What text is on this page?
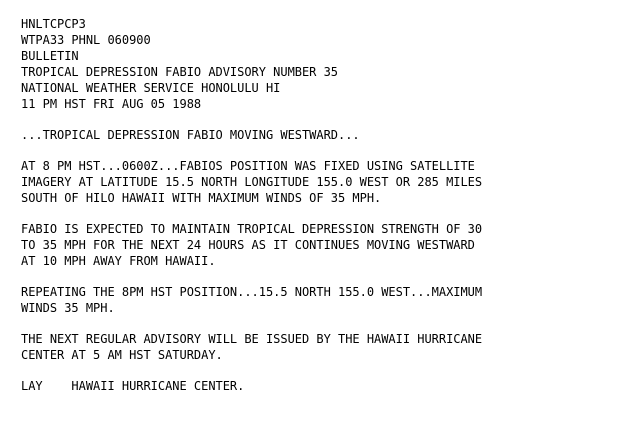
HNLTCPCP3
WTPA33 PHNL 060900
BULLETIN
TROPICAL DEPRESSION FABIO ADVISORY NUMBER 35
NATIONAL WEATHER SERVICE HONOLULU HI
11 PM HST FRI AUG 05 1988
...TROPICAL DEPRESSION FABIO MOVING WESTWARD...
AT 8 PM HST...0600Z...FABIOS POSITION WAS FIXED USING SATELLITE
IMAGERY AT LATITUDE 15.5 NORTH LONGITUDE 155.0 WEST OR 285 MILES
SOUTH OF HILO HAWAII WITH MAXIMUM WINDS OF 35 MPH.
FABIO IS EXPECTED TO MAINTAIN TROPICAL DEPRESSION STRENGTH OF 30
TO 35 MPH FOR THE NEXT 24 HOURS AS IT CONTINUES MOVING WESTWARD
AT 10 MPH AWAY FROM HAWAII.
REPEATING THE 8PM HST POSITION...15.5 NORTH 155.0 WEST...MAXIMUM
WINDS 35 MPH.
THE NEXT REGULAR ADVISORY WILL BE ISSUED BY THE HAWAII HURRICANE
CENTER AT 5 AM HST SATURDAY.
LAY    HAWAII HURRICANE CENTER.
